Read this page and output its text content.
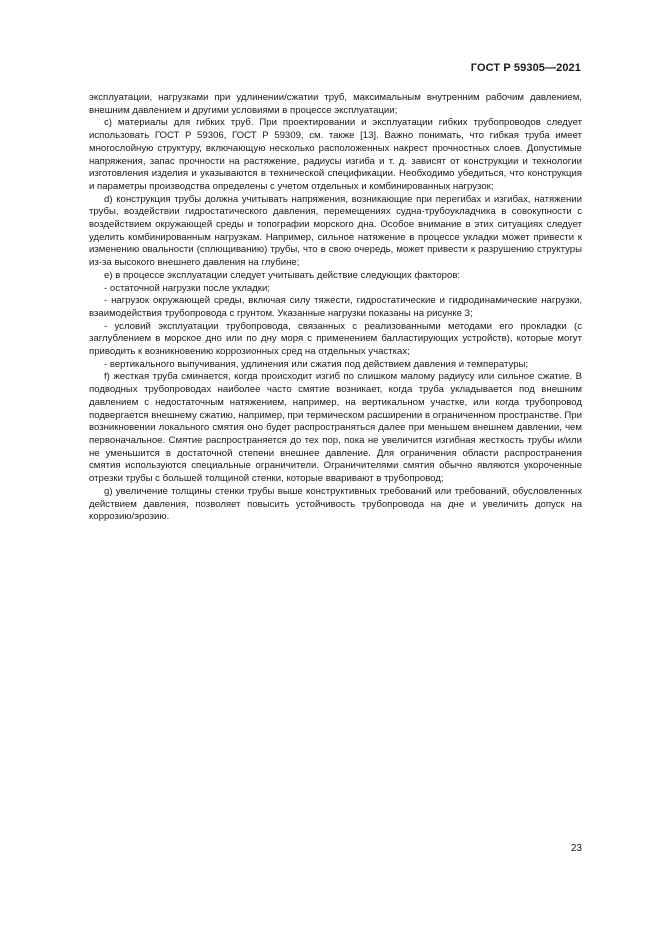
ГОСТ Р 59305—2021

эксплуатации, нагрузками при удлинении/сжатии труб, максимальным внутренним рабочим давлением, внешним давлением и другими условиями в процессе эксплуатации;

с) материалы для гибких труб. При проектировании и эксплуатации гибких трубопроводов следует использовать ГОСТ Р 59306, ГОСТ Р 59309, см. также [13]. Важно понимать, что гибкая труба имеет многослойную структуру, включающую несколько расположенных накрест прочностных слоев. Допустимые напряжения, запас прочности на растяжение, радиусы изгиба и т. д. зависят от конструкции и технологии изготовления изделия и указываются в технической спецификации. Необходимо убедиться, что конструкция и параметры производства определены с учетом отдельных и комбинированных нагрузок;

d) конструкция трубы должна учитывать напряжения, возникающие при перегибах и изгибах, натяжении трубы, воздействии гидростатического давления, перемещениях судна-трубоукладчика в совокупности с воздействием окружающей среды и топографии морского дна. Особое внимание в этих ситуациях следует уделить комбинированным нагрузкам. Например, сильное натяжение в процессе укладки может привести к изменению овальности (сплющиванию) трубы, что в свою очередь, может привести к разрушению структуры из-за высокого внешнего давления на глубине;

е) в процессе эксплуатации следует учитывать действие следующих факторов:

- остаточной нагрузки после укладки;

- нагрузок окружающей среды, включая силу тяжести, гидростатические и гидродинамические нагрузки, взаимодействия трубопровода с грунтом. Указанные нагрузки показаны на рисунке 3;

- условий эксплуатации трубопровода, связанных с реализованными методами его прокладки (с заглублением в морское дно или по дну моря с применением балластирующих устройств), которые могут приводить к возникновению коррозионных сред на отдельных участках;

- вертикального выпучивания, удлинения или сжатия под действием давления и температуры;

f) жесткая труба сминается, когда происходит изгиб по слишком малому радиусу или сильное сжатие. В подводных трубопроводах наиболее часто смятие возникает, когда труба укладывается под внешним давлением с недостаточным натяжением, например, на вертикальном участке, или когда трубопровод подвергается внешнему сжатию, например, при термическом расширении в ограниченном пространстве. При возникновении локального смятия оно будет распространяться далее при меньшем внешнем давлении, чем первоначальное. Смятие распространяется до тех пор, пока не увеличится изгибная жесткость трубы и/или не уменьшится в достаточной степени внешнее давление. Для ограничения области распространения смятия используются специальные ограничители. Ограничителями смятия обычно являются укороченные отрезки трубы с большей толщиной стенки, которые вваривают в трубопровод;

g) увеличение толщины стенки трубы выше конструктивных требований или требований, обусловленных действием давления, позволяет повысить устойчивость трубопровода на дне и увеличить допуск на коррозию/эрозию.

23
